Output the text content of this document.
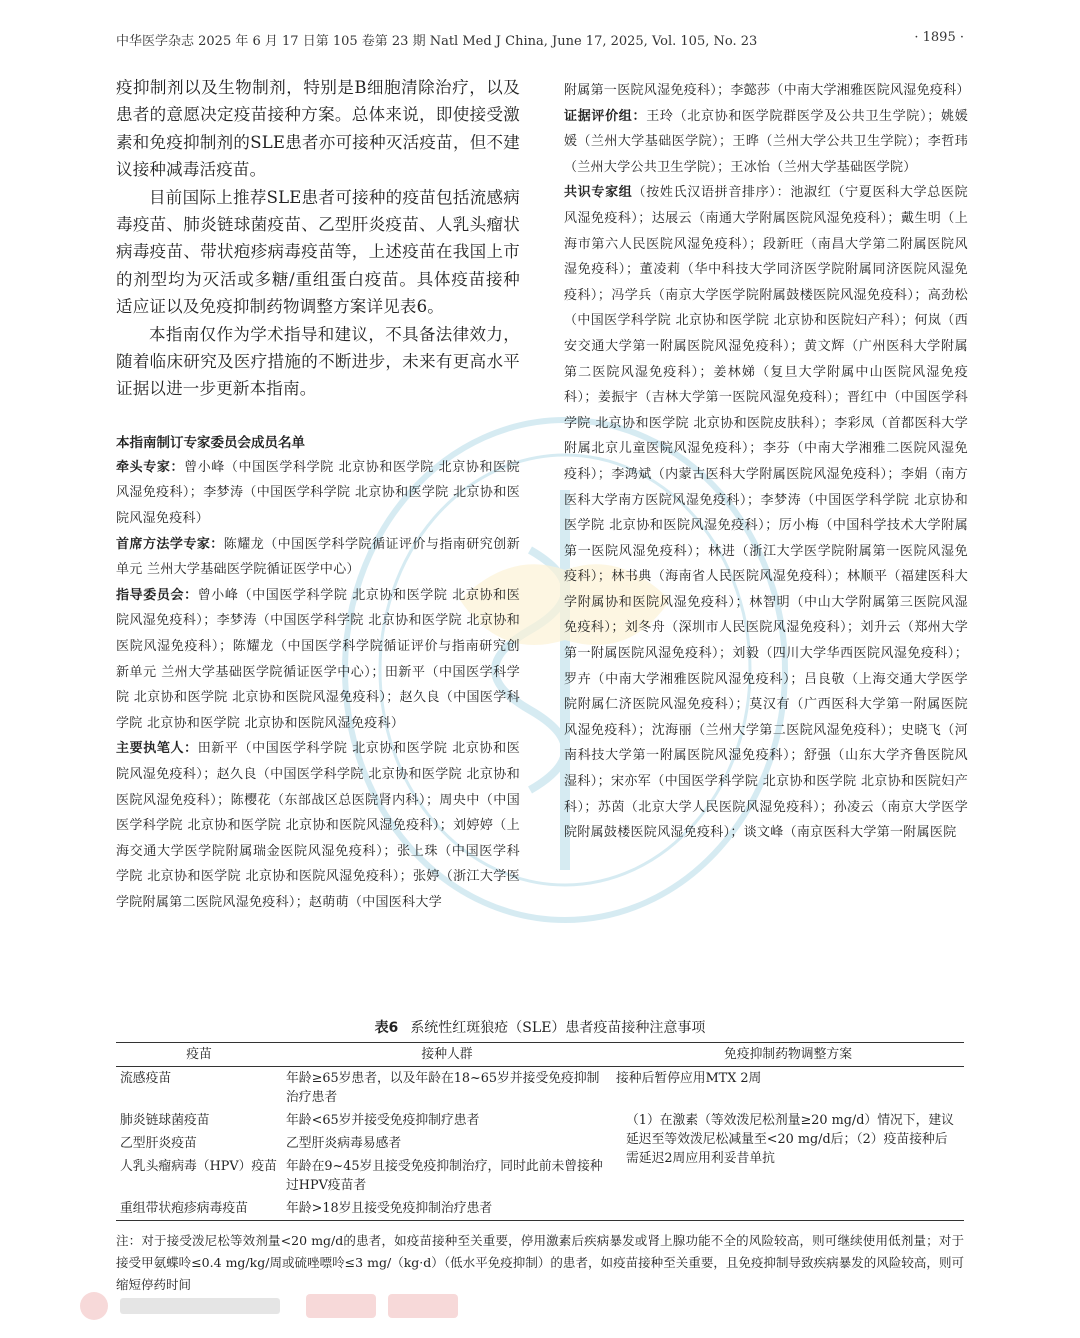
中华医学杂志 2025 年 6 月 17 日第 105 卷第 23 期 Natl Med J China, June 17, 2025, Vol. 105, No. 23	· 1895 ·

疫抑制剂以及生物制剂，特别是B细胞清除治疗，以及患者的意愿决定疫苗接种方案。总体来说，即使接受激素和免疫抑制剂的SLE患者亦可接种灭活疫苗，但不建议接种减毒活疫苗。

目前国际上推荐SLE患者可接种的疫苗包括流感病毒疫苗、肺炎链球菌疫苗、乙型肝炎疫苗、人乳头瘤状病毒疫苗、带状疱疹病毒疫苗等，上述疫苗在我国上市的剂型均为灭活或多糖/重组蛋白疫苗。具体疫苗接种适应证以及免疫抑制药物调整方案详见表6。

本指南仅作为学术指导和建议，不具备法律效力，随着临床研究及医疗措施的不断进步，未来有更高水平证据以进一步更新本指南。

本指南制订专家委员会成员名单

牵头专家：曾小峰（中国医学科学院 北京协和医学院 北京协和医院风湿免疫科）；李梦涛（中国医学科学院 北京协和医学院 北京协和医院风湿免疫科）

首席方法学专家：陈耀龙（中国医学科学院循证评价与指南研究创新单元 兰州大学基础医学院循证医学中心）

指导委员会：曾小峰（中国医学科学院 北京协和医学院 北京协和医院风湿免疫科）；李梦涛（中国医学科学院 北京协和医学院 北京协和医院风湿免疫科）；陈耀龙（中国医学科学院循证评价与指南研究创新单元 兰州大学基础医学院循证医学中心）；田新平（中国医学科学院 北京协和医学院 北京协和医院风湿免疫科）；赵久良（中国医学科学院 北京协和医学院 北京协和医院风湿免疫科）

主要执笔人：田新平（中国医学科学院 北京协和医学院 北京协和医院风湿免疫科）；赵久良（中国医学科学院 北京协和医学院 北京协和医院风湿免疫科）；陈樱花（东部战区总医院肾内科）；周央中（中国医学科学院 北京协和医学院 北京协和医院风湿免疫科）；刘婷婷（上海交通大学医学院附属瑞金医院风湿免疫科）；张上珠（中国医学科学院 北京协和医学院 北京协和医院风湿免疫科）；张婷（浙江大学医学院附属第二医院风湿免疫科）；赵萌萌（中国医科大学

附属第一医院风湿免疫科）；李懿莎（中南大学湘雅医院风湿免疫科）

证据评价组：王玲（北京协和医学院群医学及公共卫生学院）；姚媛媛（兰州大学基础医学院）；王晔（兰州大学公共卫生学院）；李哲玮（兰州大学公共卫生学院）；王冰怡（兰州大学基础医学院）

共识专家组（按姓氏汉语拼音排序）：池淑红（宁夏医科大学总医院风湿免疫科）；达展云（南通大学附属医院风湿免疫科）；戴生明（上海市第六人民医院风湿免疫科）；段新旺（南昌大学第二附属医院风湿免疫科）；董凌莉（华中科技大学同济医学院附属同济医院风湿免疫科）；冯学兵（南京大学医学院附属鼓楼医院风湿免疫科）；高劲松（中国医学科学院 北京协和医学院 北京协和医院妇产科）；何岚（西安交通大学第一附属医院风湿免疫科）；黄文辉（广州医科大学附属第二医院风湿免疫科）；姜林娣（复旦大学附属中山医院风湿免疫科）；姜振宇（吉林大学第一医院风湿免疫科）；晋红中（中国医学科学院 北京协和医学院 北京协和医院皮肤科）；李彩凤（首都医科大学附属北京儿童医院风湿免疫科）；李芬（中南大学湘雅二医院风湿免疫科）；李鸿斌（内蒙古医科大学附属医院风湿免疫科）；李娟（南方医科大学南方医院风湿免疫科）；李梦涛（中国医学科学院 北京协和医学院 北京协和医院风湿免疫科）；厉小梅（中国科学技术大学附属第一医院风湿免疫科）；林进（浙江大学医学院附属第一医院风湿免疫科）；林书典（海南省人民医院风湿免疫科）；林顺平（福建医科大学附属协和医院风湿免疫科）；林智明（中山大学附属第三医院风湿免疫科）；刘冬舟（深圳市人民医院风湿免疫科）；刘升云（郑州大学第一附属医院风湿免疫科）；刘毅（四川大学华西医院风湿免疫科）；罗卉（中南大学湘雅医院风湿免疫科）；吕良敬（上海交通大学医学院附属仁济医院风湿免疫科）；莫汉有（广西医科大学第一附属医院风湿免疫科）；沈海丽（兰州大学第二医院风湿免疫科）；史晓飞（河南科技大学第一附属医院风湿免疫科）；舒强（山东大学齐鲁医院风湿科）；宋亦军（中国医学科学院 北京协和医学院 北京协和医院妇产科）；苏茵（北京大学人民医院风湿免疫科）；孙凌云（南京大学医学院附属鼓楼医院风湿免疫科）；谈文峰（南京医科大学第一附属医院

表6 系统性红斑狼疮（SLE）患者疫苗接种注意事项
疫苗	接种人群	免疫抑制药物调整方案
流感疫苗	年龄≥65岁患者，以及年龄在18~65岁并接受免疫抑制治疗患者	接种后暂停应用MTX 2周
肺炎链球菌疫苗	年龄<65岁并接受免疫抑制疗患者	（1）在激素（等效泼尼松剂量≥20 mg/d）情况下，建议延迟至等效泼尼松减量至<20 mg/d后；（2）疫苗接种后需延迟2周应用利妥昔单抗
乙型肝炎疫苗	乙型肝炎病毒易感者	
人乳头瘤病毒（HPV）疫苗	年龄在9~45岁且接受免疫抑制治疗，同时此前未曾接种过HPV疫苗者	
重组带状疱疹病毒疫苗	年龄>18岁且接受免疫抑制治疗患者	
注：对于接受泼尼松等效剂量<20 mg/d的患者，如疫苗接种至关重要，停用激素后疾病暴发或肾上腺功能不全的风险较高，则可继续使用低剂量；对于接受甲氨蝶呤≤0.4 mg/kg/周或硫唑嘌呤≤3 mg/（kg·d）（低水平免疫抑制）的患者，如疫苗接种至关重要，且免疫抑制导致疾病暴发的风险较高，则可缩短停药时间
